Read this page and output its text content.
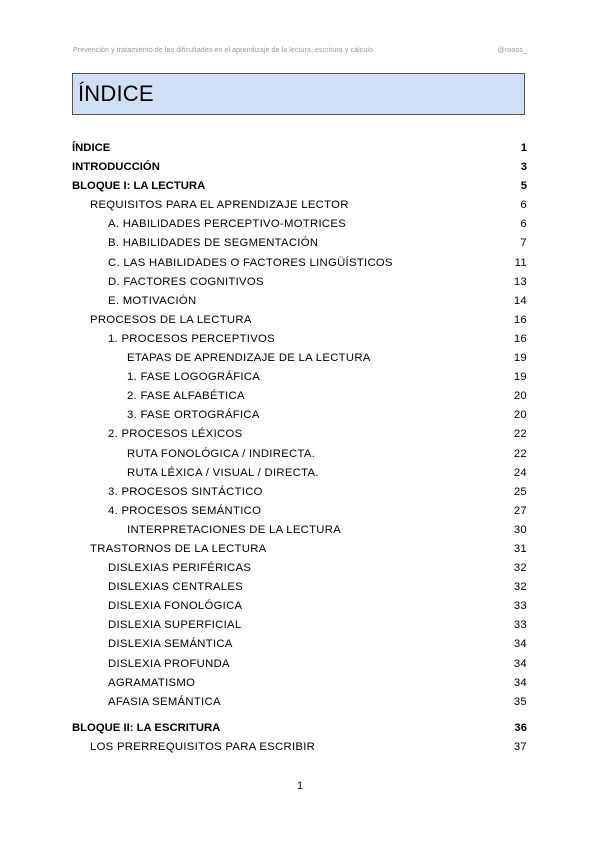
Prevención y tratamiento de las dificultades en el aprendizaje de la lectura, escritura y cálculo	@rooos_
ÍNDICE
ÍNDICE	1
INTRODUCCIÓN	3
BLOQUE I: LA LECTURA	5
REQUISITOS PARA EL APRENDIZAJE LECTOR	6
A. HABILIDADES PERCEPTIVO-MOTRICES	6
B. HABILIDADES DE SEGMENTACIÓN	7
C. LAS HABILIDADES O FACTORES LINGÜÍSTICOS	11
D. FACTORES COGNITIVOS	13
E. MOTIVACIÓN	14
PROCESOS DE LA LECTURA	16
1. PROCESOS PERCEPTIVOS	16
ETAPAS DE APRENDIZAJE DE LA LECTURA	19
1. FASE LOGOGRÁFICA	19
2. FASE ALFABÉTICA	20
3. FASE ORTOGRÁFICA	20
2. PROCESOS LÉXICOS	22
RUTA FONOLÓGICA / INDIRECTA.	22
RUTA LÉXICA / VISUAL / DIRECTA.	24
3. PROCESOS SINTÁCTICO	25
4. PROCESOS SEMÁNTICO	27
INTERPRETACIONES DE LA LECTURA	30
TRASTORNOS DE LA LECTURA	31
DISLEXIAS PERIFÉRICAS	32
DISLEXIAS CENTRALES	32
DISLEXIA FONOLÓGICA	33
DISLEXIA SUPERFICIAL	33
DISLEXIA SEMÁNTICA	34
DISLEXIA PROFUNDA	34
AGRAMATISMO	34
AFASIA SEMÁNTICA	35
BLOQUE II: LA ESCRITURA	36
LOS PRERREQUISITOS PARA ESCRIBIR	37
1
